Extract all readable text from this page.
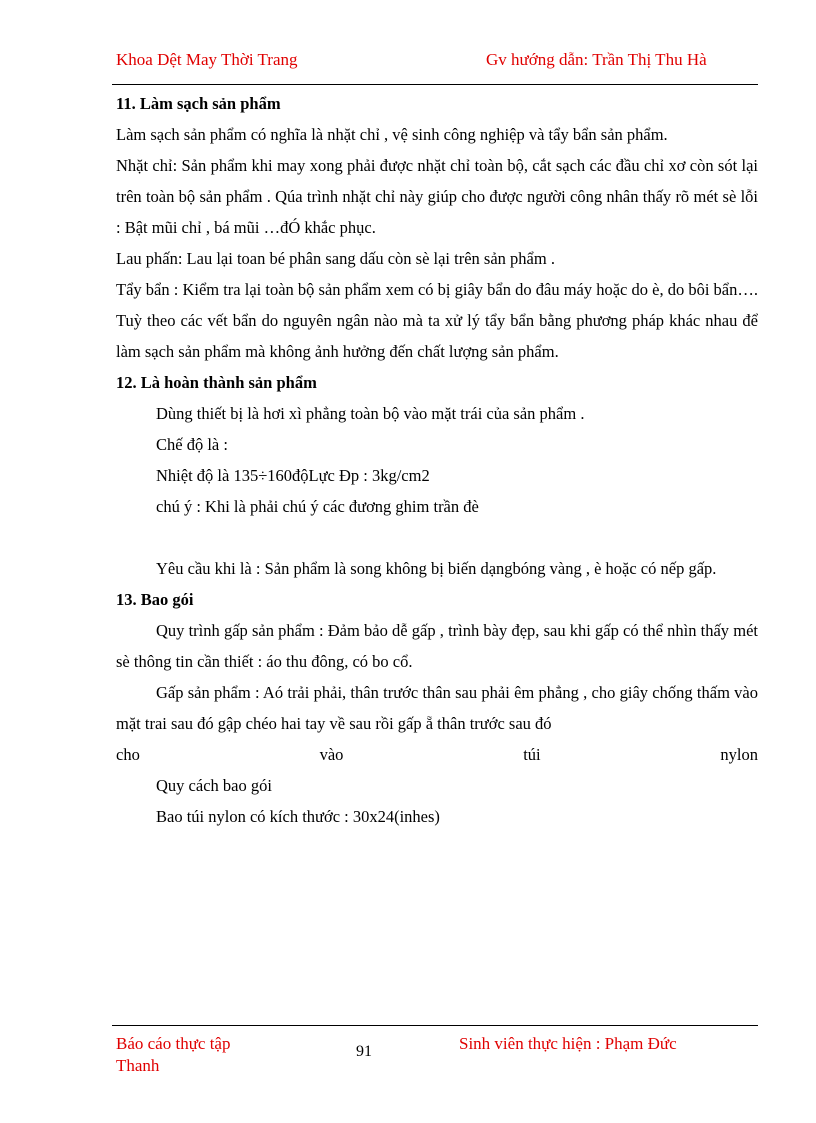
Khoa Dệt May Thời Trang	Gv hướng dẫn: Trần Thị Thu Hà

11. Làm sạch sản phẩm

Làm sạch sản phẩm có nghĩa là nhặt chỉ , vệ sinh công nghiệp và tẩy bẩn sản phẩm.

Nhặt chỉ: Sản phẩm khi may xong phải được nhặt chỉ toàn bộ, cắt sạch các đầu chỉ xơ còn sót lại trên toàn bộ sản phẩm . Qúa trình nhặt chỉ này giúp cho được người công nhân thấy rõ mét sè lỗi : Bật mũi chỉ , bá mũi …đÓ khắc phục.

Lau phấn: Lau lại toan bé phân sang dấu còn sè lại trên sản phẩm .

Tẩy bẩn : Kiểm tra lại toàn bộ sản phẩm xem có bị giây bẩn do đâu máy hoặc do è, do bôi bẩn…. Tuỳ theo các vết bẩn do nguyên ngân nào mà ta xử lý tẩy bẩn bằng phương pháp khác nhau để làm sạch sản phẩm mà không ảnh hưởng đến chất lượng sản phẩm.

12. Là hoàn thành sản phẩm

Dùng thiết bị là hơi xì phẳng toàn bộ vào mặt trái của sản phẩm .

Chế độ là :

Nhiệt độ là 135÷160độLực Đp : 3kg/cm2

chú ý : Khi là phải chú ý các đương ghim trần đè

Yêu cầu khi là : Sản phẩm là song không bị biến dạngbóng vàng , è hoặc có nếp gấp.

13. Bao gói

Quy trình gấp sản phẩm : Đảm bảo dễ gấp , trình bày đẹp, sau khi gấp có thể nhìn thấy mét sè thông tin cần thiết : áo thu đông, có bo cổ.

Gấp sản phẩm : Aó trải phải, thân trước thân sau phải êm phẳng , cho giây chống thấm vào mặt trai sau đó gập chéo hai tay về sau rồi gấp ẵ thân trước sau đó

cho vào túi nylon

Quy cách bao gói

Bao túi nylon có kích thước : 30x24(inhes)

Báo cáo thực tập Thanh
91	Sinh viên thực hiện : Phạm Đức
